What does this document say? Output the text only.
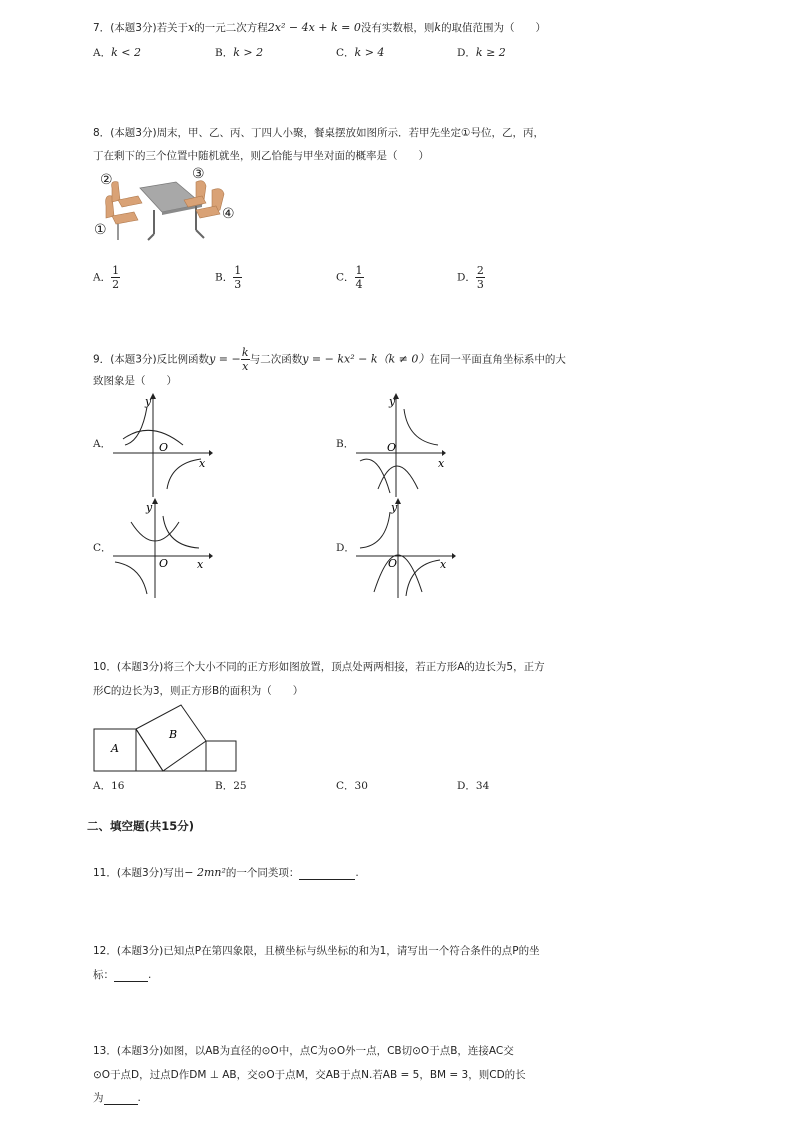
7．(本题3分)若关于x的一元二次方程2x² − 4x + k = 0没有实数根，则k的取值范围为（　　）
A．k < 2	B．k > 2	C．k > 4	D．k ≥ 2
8．(本题3分)周末，甲、乙、丙、丁四人小聚，餐桌摆放如图所示．若甲先坐定①号位，乙，丙，
丁在剩下的三个位置中随机就坐，则乙恰能与甲坐对面的概率是（　　）
①
②	③
④
A． $\frac{1}{2}$	B． $\frac{1}{3}$	C． $\frac{1}{4}$	D． $\frac{2}{3}$
9．(本题3分)反比例函数y = − $\frac{k}{x}$ 与二次函数y = − kx² − k（k ≠ 0）在同一平面直角坐标系中的大
致图象是（　　）
A．
y
x
O	B．
y
x
O
C．
y
x
O
D．
y
x
O
10．(本题3分)将三个大小不同的正方形如图放置，顶点处两两相接，若正方形A的边长为5，正方
形C的边长为3，则正方形B的面积为（　　）
A
B
A．16	B．25	C．30	D．34
二、填空题(共15分)
11．(本题3分)写出− 2mn²的一个同类项：	.
12．(本题3分)已知点P在第四象限，且横坐标与纵坐标的和为1，请写出一个符合条件的点P的坐
标：	.
13．(本题3分)如图，以AB为直径的⊙O中，点C为⊙O外一点，CB切⊙O于点B，连接AC交
⊙O于点D，过点D作DM ⊥ AB，交⊙O于点M，交AB于点N.若AB = 5，BM = 3，则CD的长
为	.
